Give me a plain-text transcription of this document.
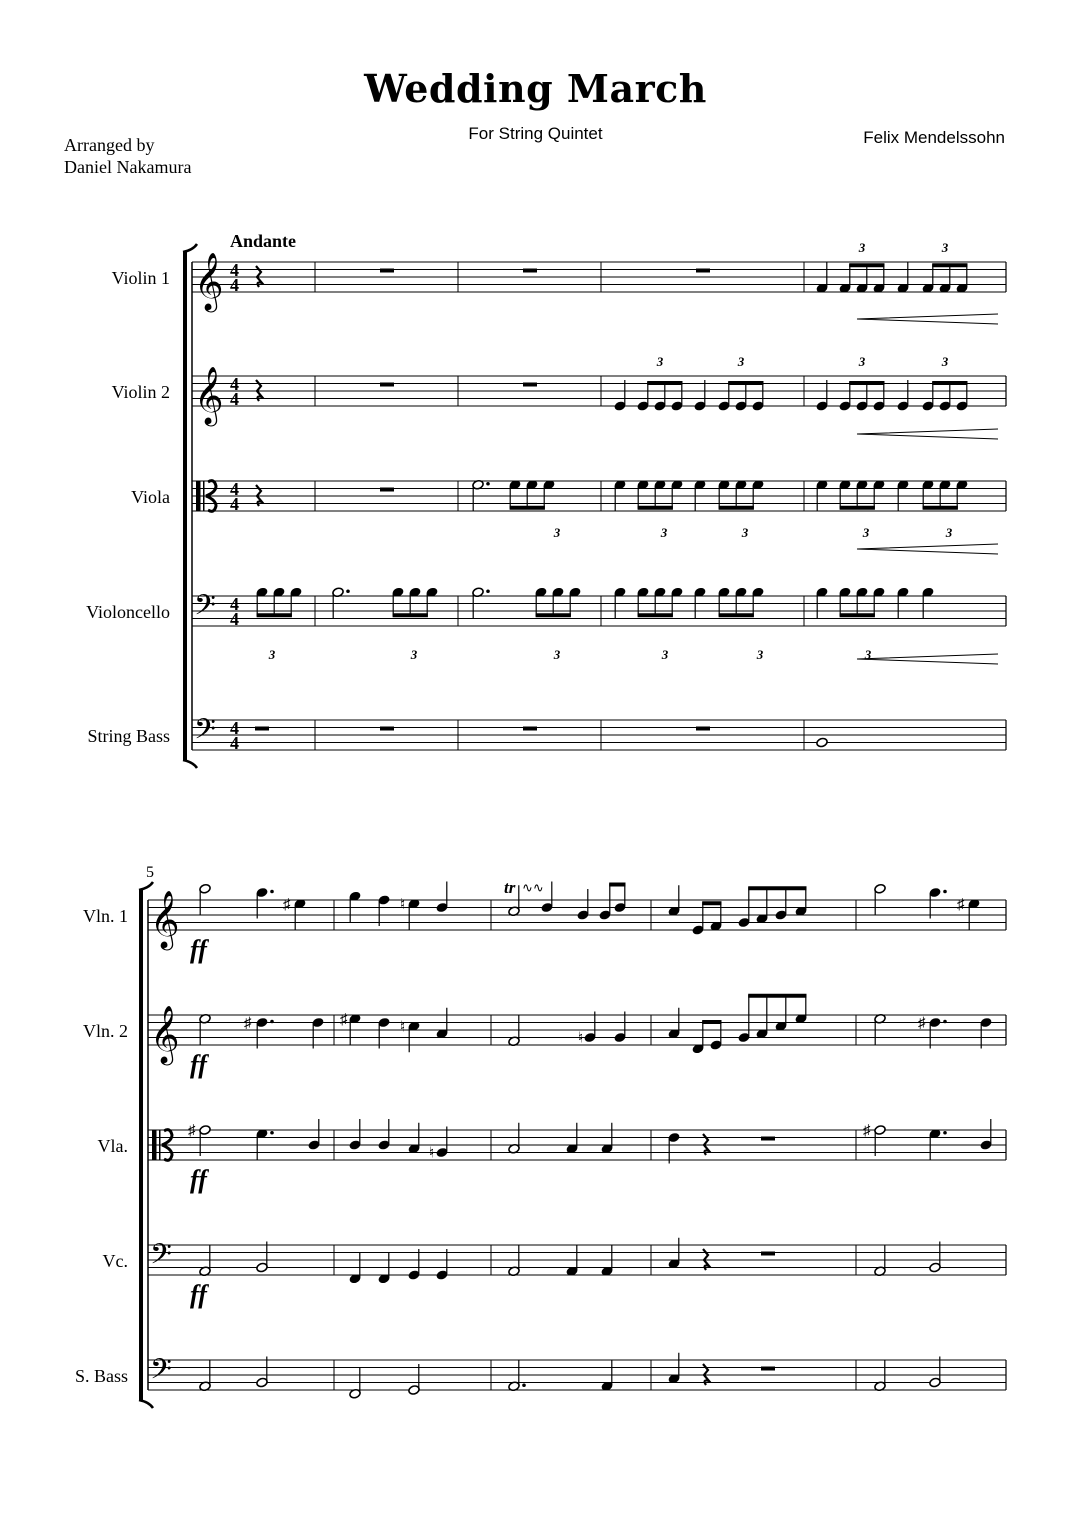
Wedding March
For String Quintet	Felix Mendelssohn
Arranged by
Daniel Nakamura
Violin 1
Violin 2
Viola
Violoncello
String Bass
𝄞
𝄞
𝄢
𝄢
4
4
4
4
4
4
4
4
4
4
Andante	3	3
3	3	3	3
3	3	3	3	3
3	3	3	3	3	3
Vln. 1
Vln. 2
Vla.
Vc.
S. Bass
5
𝄞
𝄞
𝄢
𝄢
ff
ff
ff
ff
♯	♮
tr ∿∿
♯
♯	♯	♮
♮
♯
♯
♮
♯
